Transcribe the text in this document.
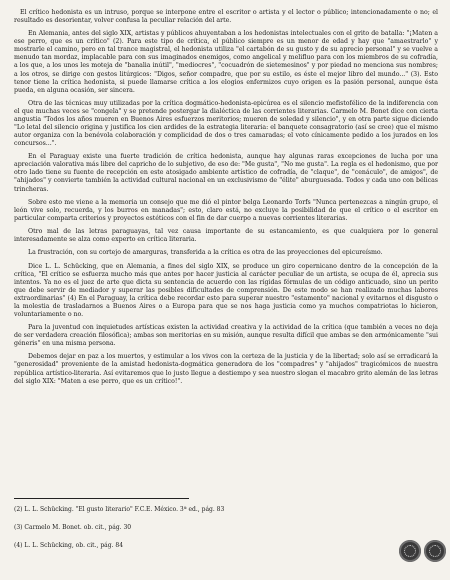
El crítico hedonista es un intruso, porque se interpone entre el escritor o artista y el lector o público; intencionadamente o no; el resultado es desorientar, volver confusa la peculiar relación del arte.

En Alemania, antes del siglo XIX, artistas y públicos ahuyentaban a los hedonistas intelectuales con el grito de batalla: "¡Maten a ese perro, que es un crítico" (2). Para este tipo de crítica, el público siempre es un menor de edad y hay que "amaestrarlo" y mostrarle el camino, pero en tal trance magistral, el hedonista utiliza "el cartabón de su gusto y de su aprecio personal" y se vuelve a menudo tan mordaz, implacable para con sus imaginados enemigos, como angelical y melifluo para con los miembros de su cofradía, a los que, a los unos les moteja de "banalia inútil", "mediocres", "cocuadrón de sietemesinos" y por piedad no menciona sus nombres; a los otros, se dirige con gestos litúrgicos: "Digos, señor compadre, que por su estilo, es éste el mejor libro del mundo..." (3). Esto tenor tiene la crítica hedonista, si puede llamarse crítica a los elogios enfermizos cuyo origen es la pasión personal, aunque ésta pueda, en alguna ocasión, ser sincera.

Otra de las técnicas muy utilizadas por la crítica dogmático-hedonista-epicúrea es el silencio mefistofélico de la indiferencia con el que muchas veces se "congela" y se pretende postergar la dialéctica de las corrientes literarias. Carmelo M. Bonet dice con cierta angustia "Todos los años mueren en Buenos Aires esfuerzos meritorios; mueren de soledad y silencio", y en otra parte sigue diciendo "Lo letal del silencio origina y justifica los cien ardides de la estrategia literaria: el banquete consagratorio (así se cree) que el mismo autor organiza con la benévola colaboración y complicidad de dos o tres camaradas; el voto cínicamente pedido a los jurados en los concursos...".

En el Paraguay existe una fuerte tradición de crítica hedonista, aunque hay algunas raras excepciones de lucha por una apreciación valorativa más libre del capricho de lo subjetivo, de eso de: "Me gusta", "No me gusta". La regla es el hedonismo, que por otro lado tiene su fuente de recepción en este atosigado ambiente artístico de cofradía, de "claque", de "cenáculo", de amigos", de "ahijados" y convierte también la actividad cultural nacional en un exclusivismo de "élite" aburguesada. Todos y cada uno con bélicas trincheras.

Sobre esto me viene a la memoria un consejo que me dió el pintor belga Leonardo Torfs "Nunca pertenezcas a ningún grupo, el león vive solo, recuerda, y los burros en manadas"; esto, claro está, no excluye la posibilidad de que el crítico o el escritor en particular comparta criterios y proyectos estéticos con el fin de dar cuerpo a nuevas corrientes literarias.

Otro mal de las letras paraguayas, tal vez causa importante de su estancamiento, es que cualquiera por lo general interesadamente se alza como experto en crítica literaria.

La frustración, con su cortejo de amarguras, transferida a la crítica es otra de las proyecciones del epicureísmo.

Dice L. L. Schücking, que en Alemania, a fines del siglo XIX, se produce un giro copernicano dentro de la concepción de la crítica, "El crítico se esfuerza mucho más que antes por hacer justicia al carácter peculiar de un artista, se ocupa de él, aprecia sus intentos. Ya no es el juez de arte que dicta su sentencia de acuerdo con las rígidas fórmulas de un código anticuado, sino un perito que debe servir de mediador y superar las posibles dificultades de comprensión. De este modo se han realizado muchas labores extraordinarias" (4) En el Paraguay, la crítica debe recordar esto para superar nuestro "estamento" nacional y evitarnos el disgusto o la molestia de trasladarnos a Buenos Aires o a Europa para que se nos haga justicia como ya muchos compatriotas lo hicieron, voluntariamente o no.

Para la juventud con inquietudes artísticas existen la actividad creativa y la actividad de la crítica (que también a veces no deja de ser verdadera creación filosófica); ambas son meritorias en su misión, aunque resulta difícil que ambas se den armónicamente "sui géneris" en una misma persona.

Debemos dejar en paz a los muertos, y estimular a los vivos con la certeza de la justicia y de la libertad; solo así se erradicará la "generosidad" proveniente de la amistad hedonista-dogmática generadora de los "compadres" y "ahijados" tragicómicos de nuestra república artístico-literaria. Así evitaremos que lo justo llegue a destiempo y sea nuestro slogan el macabro grito alemán de las letras del siglo XIX: "Maten a ese perro, que es un crítico!".

(2) L. L. Schücking. "El gusto literario" F.C.E. México. 3ª ed., pág. 83

(3) Carmelo M. Bonet. ob. cit., pág. 30

(4) L. L. Schücking, ob. cit., pág. 84
